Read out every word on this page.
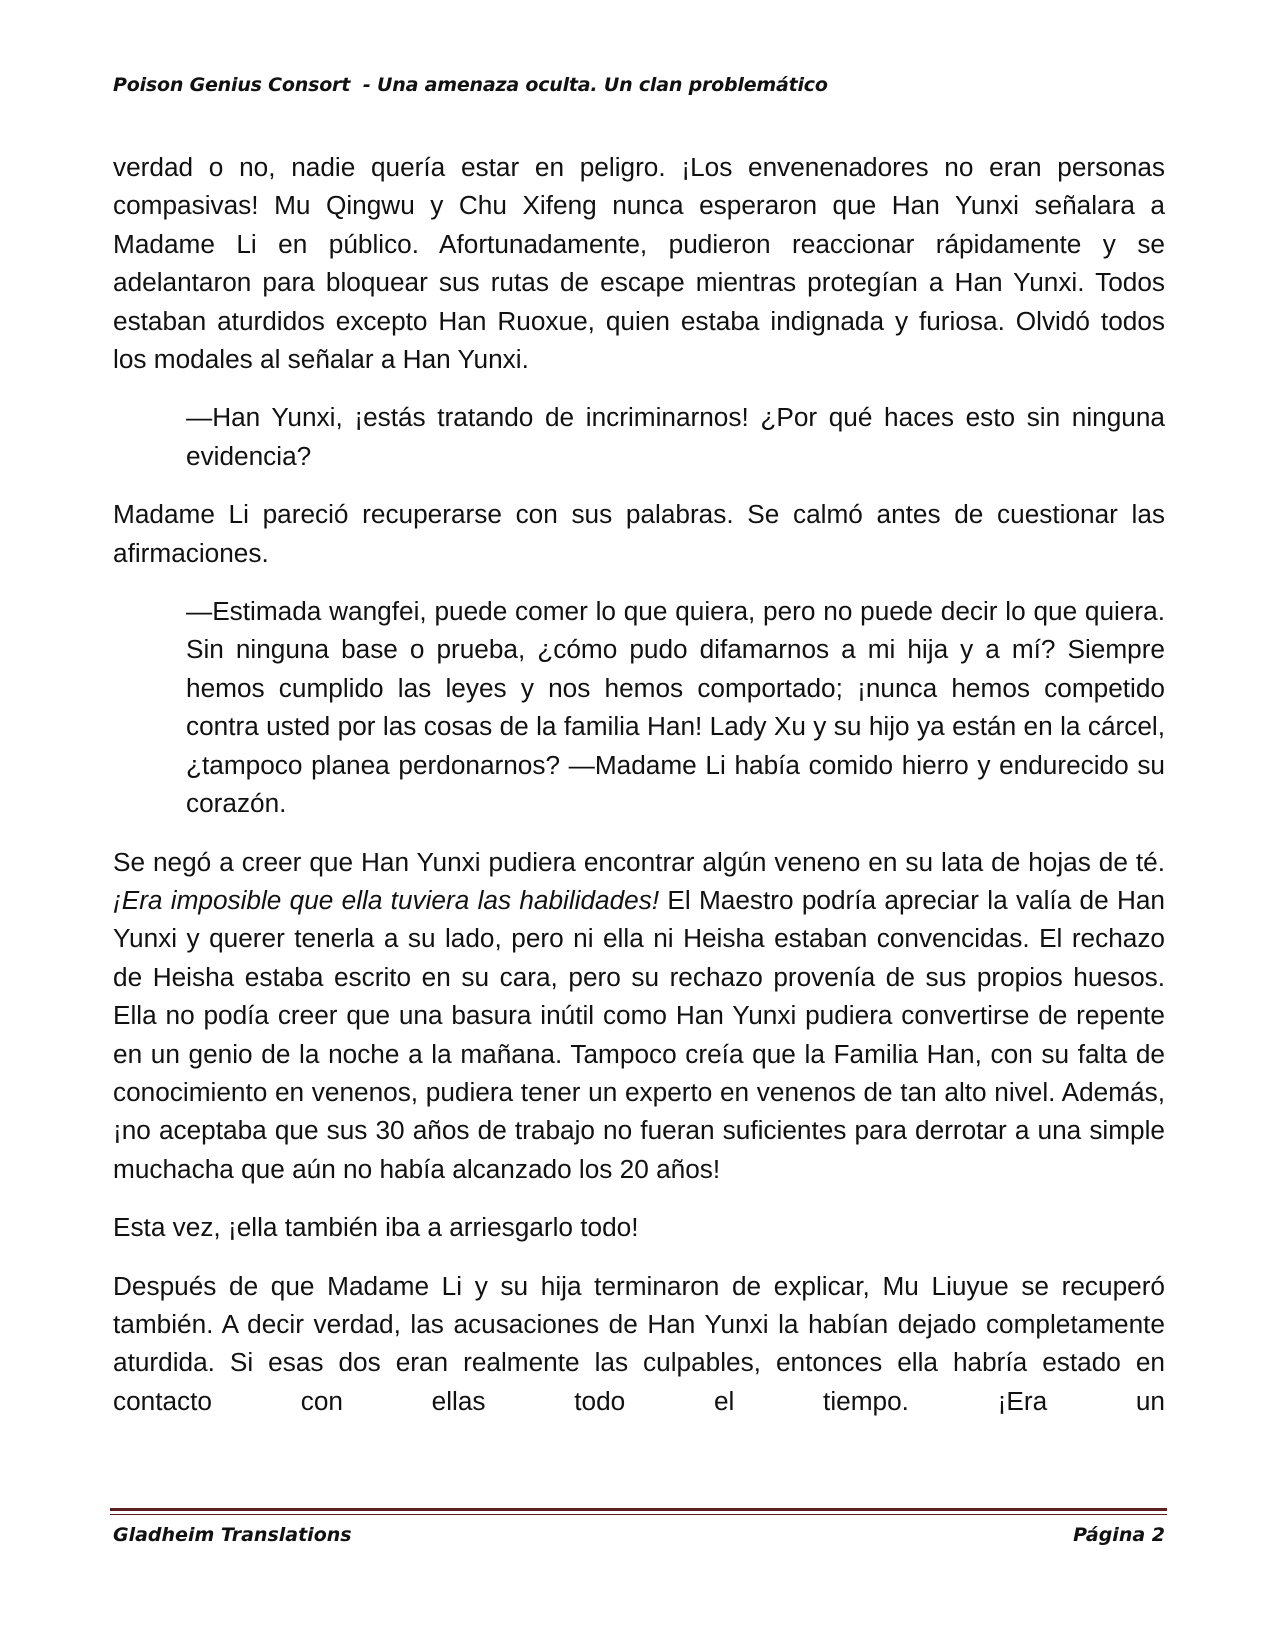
Poison Genius Consort  - Una amenaza oculta. Un clan problemático

verdad o no, nadie quería estar en peligro. ¡Los envenenadores no eran personas compasivas! Mu Qingwu y Chu Xifeng nunca esperaron que Han Yunxi señalara a Madame Li en público. Afortunadamente, pudieron reaccionar rápidamente y se adelantaron para bloquear sus rutas de escape mientras protegían a Han Yunxi. Todos estaban aturdidos excepto Han Ruoxue, quien estaba indignada y furiosa. Olvidó todos los modales al señalar a Han Yunxi.

—Han Yunxi, ¡estás tratando de incriminarnos! ¿Por qué haces esto sin ninguna evidencia?

Madame Li pareció recuperarse con sus palabras. Se calmó antes de cuestionar las afirmaciones.

—Estimada wangfei, puede comer lo que quiera, pero no puede decir lo que quiera. Sin ninguna base o prueba, ¿cómo pudo difamarnos a mi hija y a mí? Siempre hemos cumplido las leyes y nos hemos comportado; ¡nunca hemos competido contra usted por las cosas de la familia Han! Lady Xu y su hijo ya están en la cárcel, ¿tampoco planea perdonarnos? —Madame Li había comido hierro y endurecido su corazón.

Se negó a creer que Han Yunxi pudiera encontrar algún veneno en su lata de hojas de té. ¡Era imposible que ella tuviera las habilidades! El Maestro podría apreciar la valía de Han Yunxi y querer tenerla a su lado, pero ni ella ni Heisha estaban convencidas. El rechazo de Heisha estaba escrito en su cara, pero su rechazo provenía de sus propios huesos. Ella no podía creer que una basura inútil como Han Yunxi pudiera convertirse de repente en un genio de la noche a la mañana. Tampoco creía que la Familia Han, con su falta de conocimiento en venenos, pudiera tener un experto en venenos de tan alto nivel. Además, ¡no aceptaba que sus 30 años de trabajo no fueran suficientes para derrotar a una simple muchacha que aún no había alcanzado los 20 años!

Esta vez, ¡ella también iba a arriesgarlo todo!

Después de que Madame Li y su hija terminaron de explicar, Mu Liuyue se recuperó también. A decir verdad, las acusaciones de Han Yunxi la habían dejado completamente aturdida. Si esas dos eran realmente las culpables, entonces ella habría estado en contacto con ellas todo el tiempo. ¡Era un

Gladheim Translations	Página 2
